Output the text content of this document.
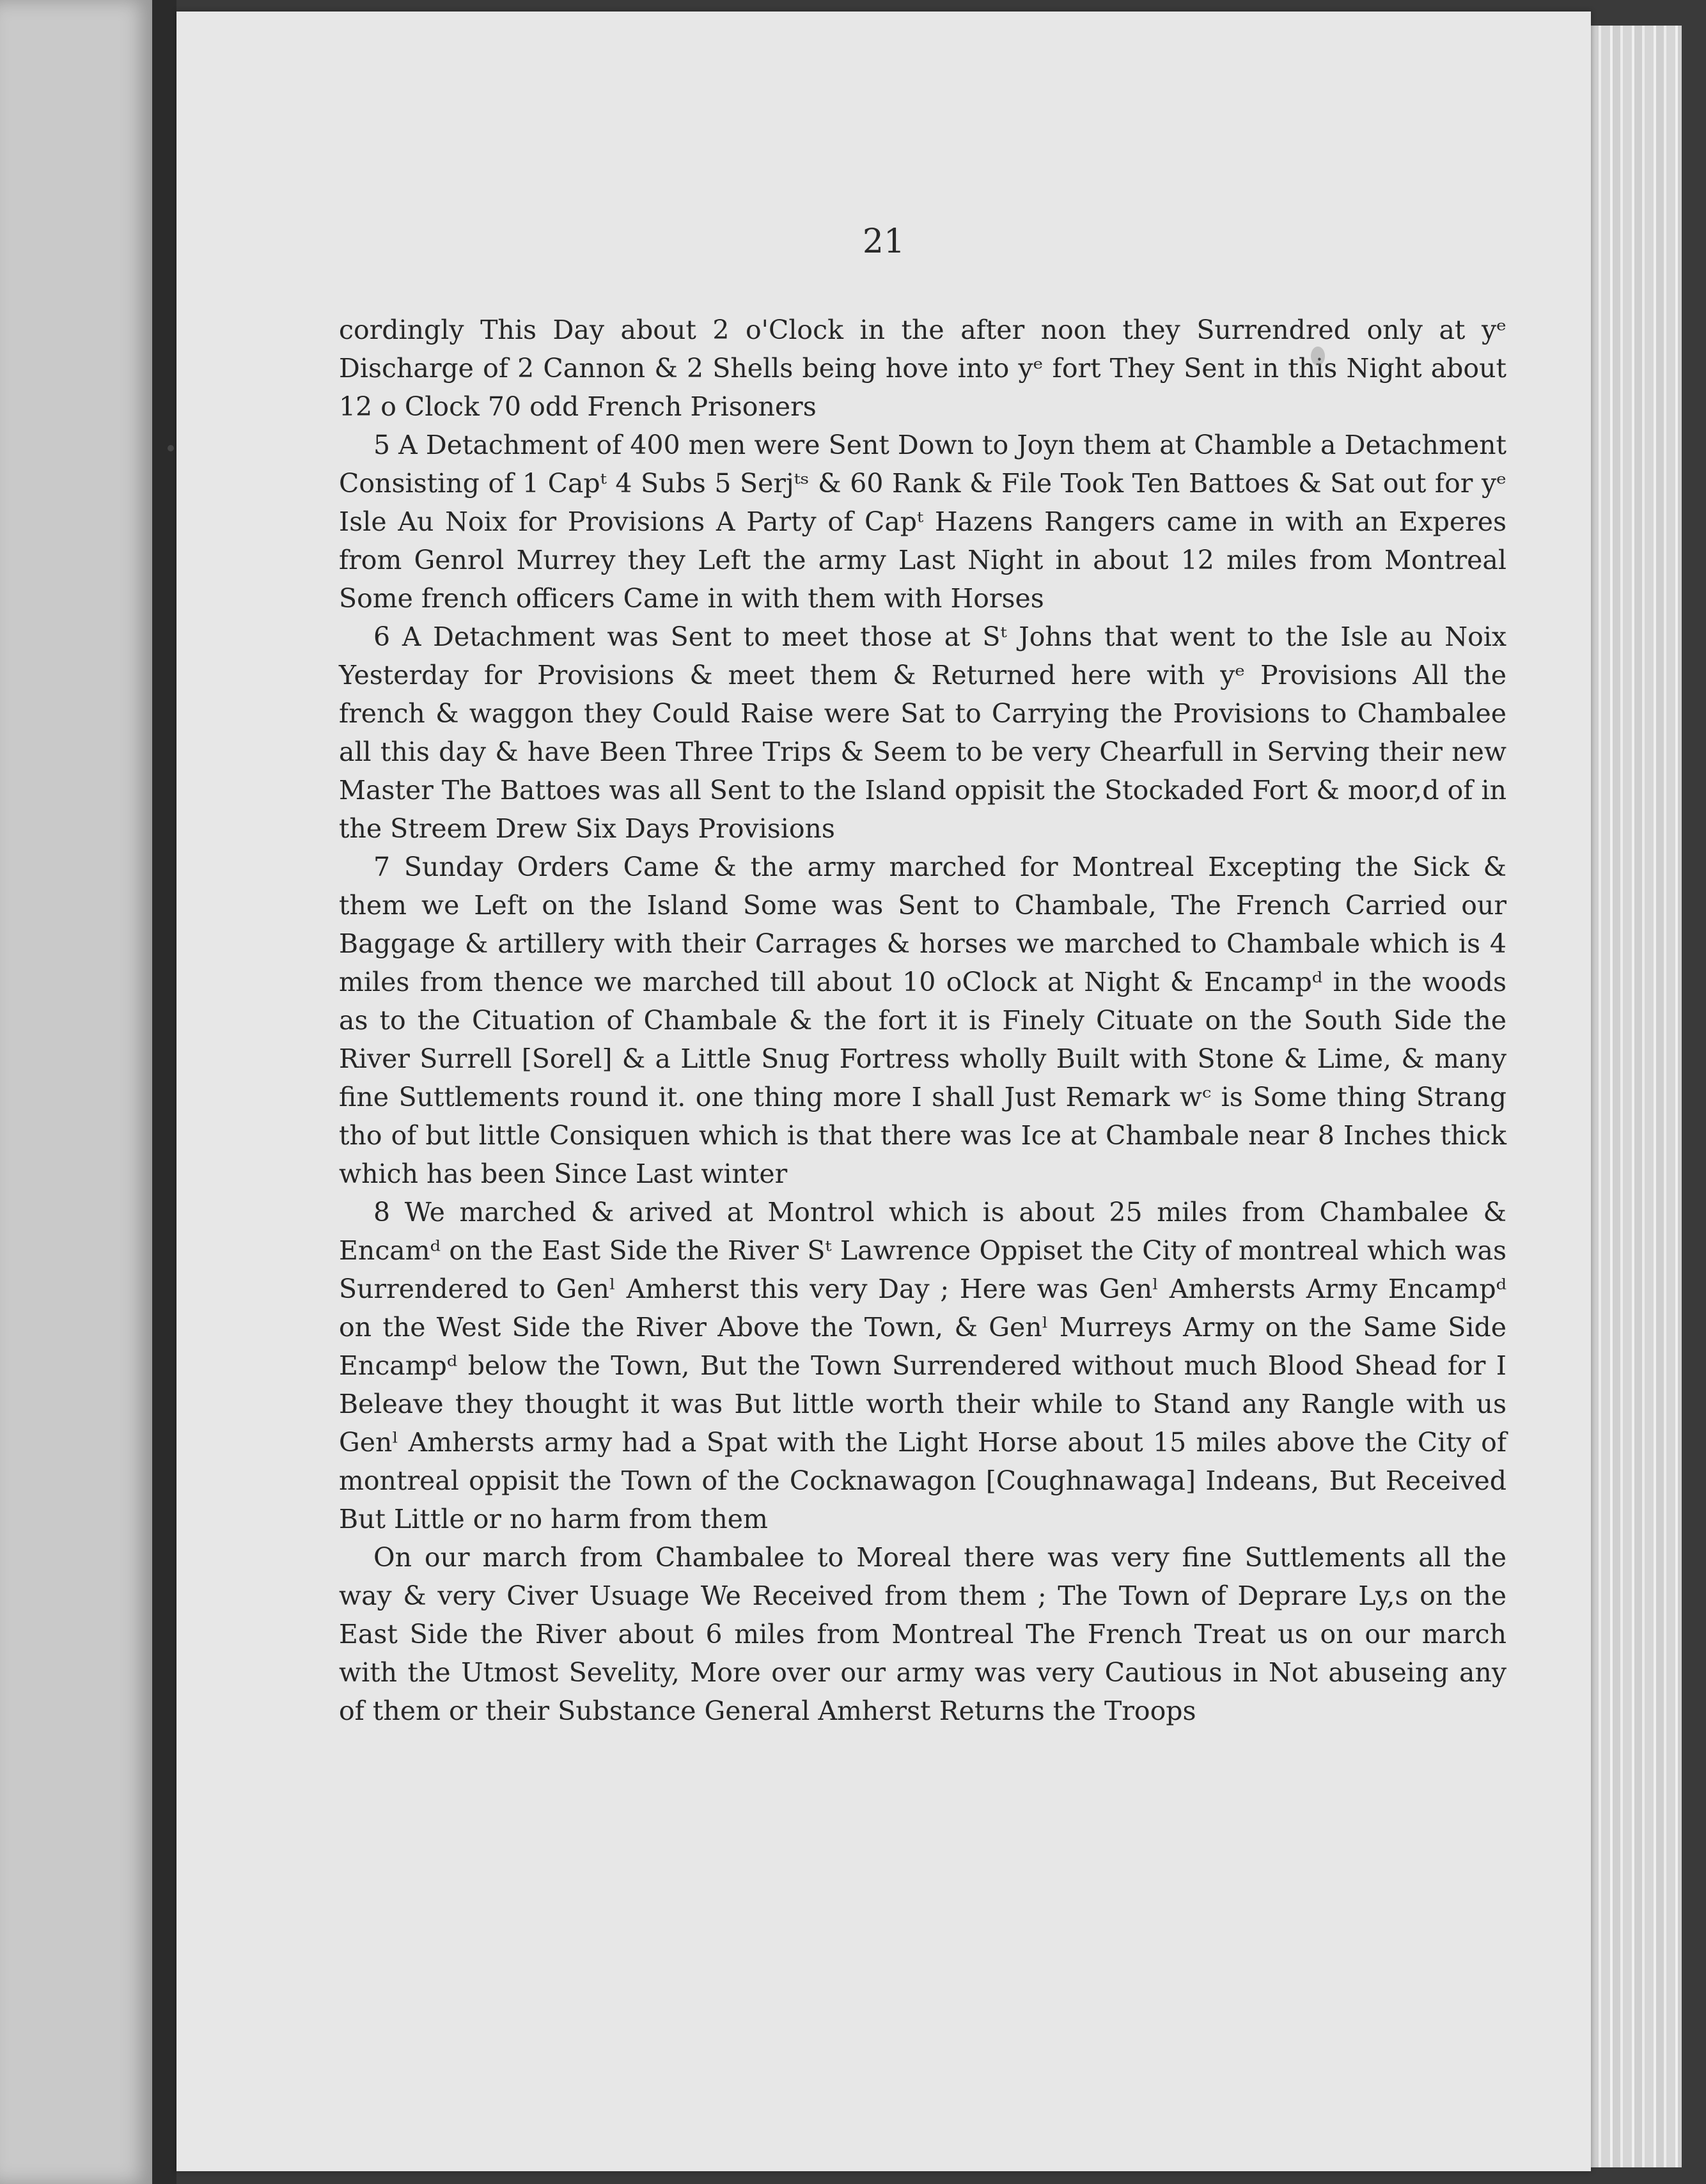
21

cordingly This Day about 2 o'Clock in the after noon they Surrendred only at yᵉ Discharge of 2 Cannon & 2 Shells being hove into yᵉ fort They Sent in this Night about 12 o Clock 70 odd French Prisoners

5 A Detachment of 400 men were Sent Down to Joyn them at Chamble a Detachment Consisting of 1 Capᵗ 4 Subs 5 Serjᵗˢ & 60 Rank & File Took Ten Battoes & Sat out for yᵉ Isle Au Noix for Provisions A Party of Capᵗ Hazens Rangers came in with an Experes from Genrol Murrey they Left the army Last Night in about 12 miles from Montreal Some french officers Came in with them with Horses

6 A Detachment was Sent to meet those at Sᵗ Johns that went to the Isle au Noix Yesterday for Provisions & meet them & Returned here with yᵉ Provisions All the french & waggon they Could Raise were Sat to Carrying the Provisions to Chambalee all this day & have Been Three Trips & Seem to be very Chearfull in Serving their new Master The Battoes was all Sent to the Island oppisit the Stockaded Fort & moor,d of in the Streem Drew Six Days Provisions

7 Sunday Orders Came & the army marched for Montreal Excepting the Sick & them we Left on the Island Some was Sent to Chambale, The French Carried our Baggage & artillery with their Carrages & horses we marched to Chambale which is 4 miles from thence we marched till about 10 oClock at Night & Encampᵈ in the woods as to the Cituation of Chambale & the fort it is Finely Cituate on the South Side the River Surrell [Sorel] & a Little Snug Fortress wholly Built with Stone & Lime, & many fine Suttlements round it. one thing more I shall Just Remark wᶜ is Some thing Strang tho of but little Consiquen which is that there was Ice at Chambale near 8 Inches thick which has been Since Last winter

8 We marched & arived at Montrol which is about 25 miles from Chambalee & Encamᵈ on the East Side the River Sᵗ Lawrence Oppiset the City of montreal which was Surrendered to Genˡ Amherst this very Day ; Here was Genˡ Amhersts Army Encampᵈ on the West Side the River Above the Town, & Genˡ Murreys Army on the Same Side Encampᵈ below the Town, But the Town Surrendered without much Blood Shead for I Beleave they thought it was But little worth their while to Stand any Rangle with us Genˡ Amhersts army had a Spat with the Light Horse about 15 miles above the City of montreal oppisit the Town of the Cocknawagon [Coughnawaga] Indeans, But Received But Little or no harm from them

On our march from Chambalee to Moreal there was very fine Suttlements all the way & very Civer Usuage We Received from them ; The Town of Deprare Ly,s on the East Side the River about 6 miles from Montreal The French Treat us on our march with the Utmost Sevelity, More over our army was very Cautious in Not abuseing any of them or their Substance General Amherst Returns the Troops
